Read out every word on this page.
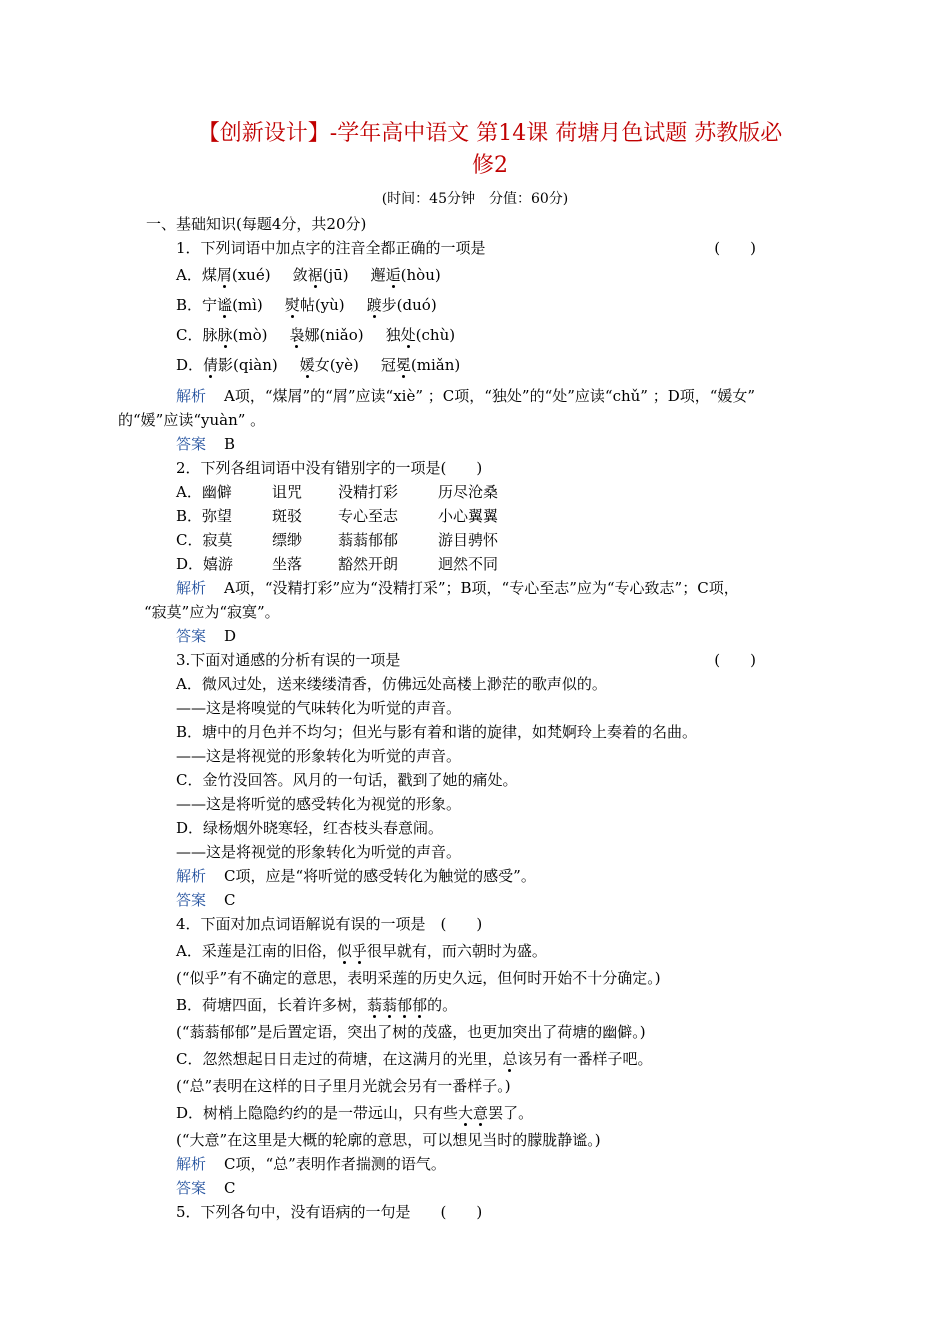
【创新设计】-学年高中语文 第14课 荷塘月色试题 苏教版必
修2
(时间：45分钟　分值：60分)
一、基础知识(每题4分，共20分)
1．下列词语中加点字的注音全都正确的一项是	(　　)
A．煤屑(xué) 敛裾(jū) 邂逅(hòu)
B．宁谧(mì) 熨帖(yù) 踱步(duó)
C．脉脉(mò) 袅娜(niǎo) 独处(chù)
D．倩影(qiàn) 媛女(yè) 冠冕(miǎn)
解析 A项，“煤屑”的“屑”应读“xiè” ；C项，“独处”的“处”应读“chǔ” ；D项，“媛女”
的“媛”应读“yuàn” 。
答案 B
2．下列各组词语中没有错别字的一项是(　　)
A．幽僻	诅咒 没精打彩	历尽沧桑
B．弥望	斑驳 专心至志	小心翼翼
C．寂莫	缥缈 蓊蓊郁郁	游目骋怀
D．嬉游	坐落 豁然开朗	迥然不同
解析 A项，“没精打彩”应为“没精打采”；B项，“专心至志”应为“专心致志”；C项，
“寂莫”应为“寂寞”。
答案 D
3.下面对通感的分析有误的一项是	(　　)
A．微风过处，送来缕缕清香，仿佛远处高楼上渺茫的歌声似的。
——这是将嗅觉的气味转化为听觉的声音。
B．塘中的月色并不均匀；但光与影有着和谐的旋律，如梵婀玲上奏着的名曲。
——这是将视觉的形象转化为听觉的声音。
C．金竹没回答。风月的一句话，戳到了她的痛处。
——这是将听觉的感受转化为视觉的形象。
D．绿杨烟外晓寒轻，红杏枝头春意闹。
——这是将视觉的形象转化为听觉的声音。
解析 C项，应是“将听觉的感受转化为触觉的感受”。
答案 C
4．下面对加点词语解说有误的一项是　(　　)
A．采莲是江南的旧俗，似乎很早就有，而六朝时为盛。
(“似乎”有不确定的意思，表明采莲的历史久远，但何时开始不十分确定。)
B．荷塘四面，长着许多树，蓊蓊郁郁的。
(“蓊蓊郁郁”是后置定语，突出了树的茂盛，也更加突出了荷塘的幽僻。)
C．忽然想起日日走过的荷塘，在这满月的光里，总该另有一番样子吧。
(“总”表明在这样的日子里月光就会另有一番样子。)
D．树梢上隐隐约约的是一带远山，只有些大意罢了。
(“大意”在这里是大概的轮廓的意思，可以想见当时的朦胧静谧。)
解析 C项，“总”表明作者揣测的语气。
答案 C
5．下列各句中，没有语病的一句是　　(　　)
